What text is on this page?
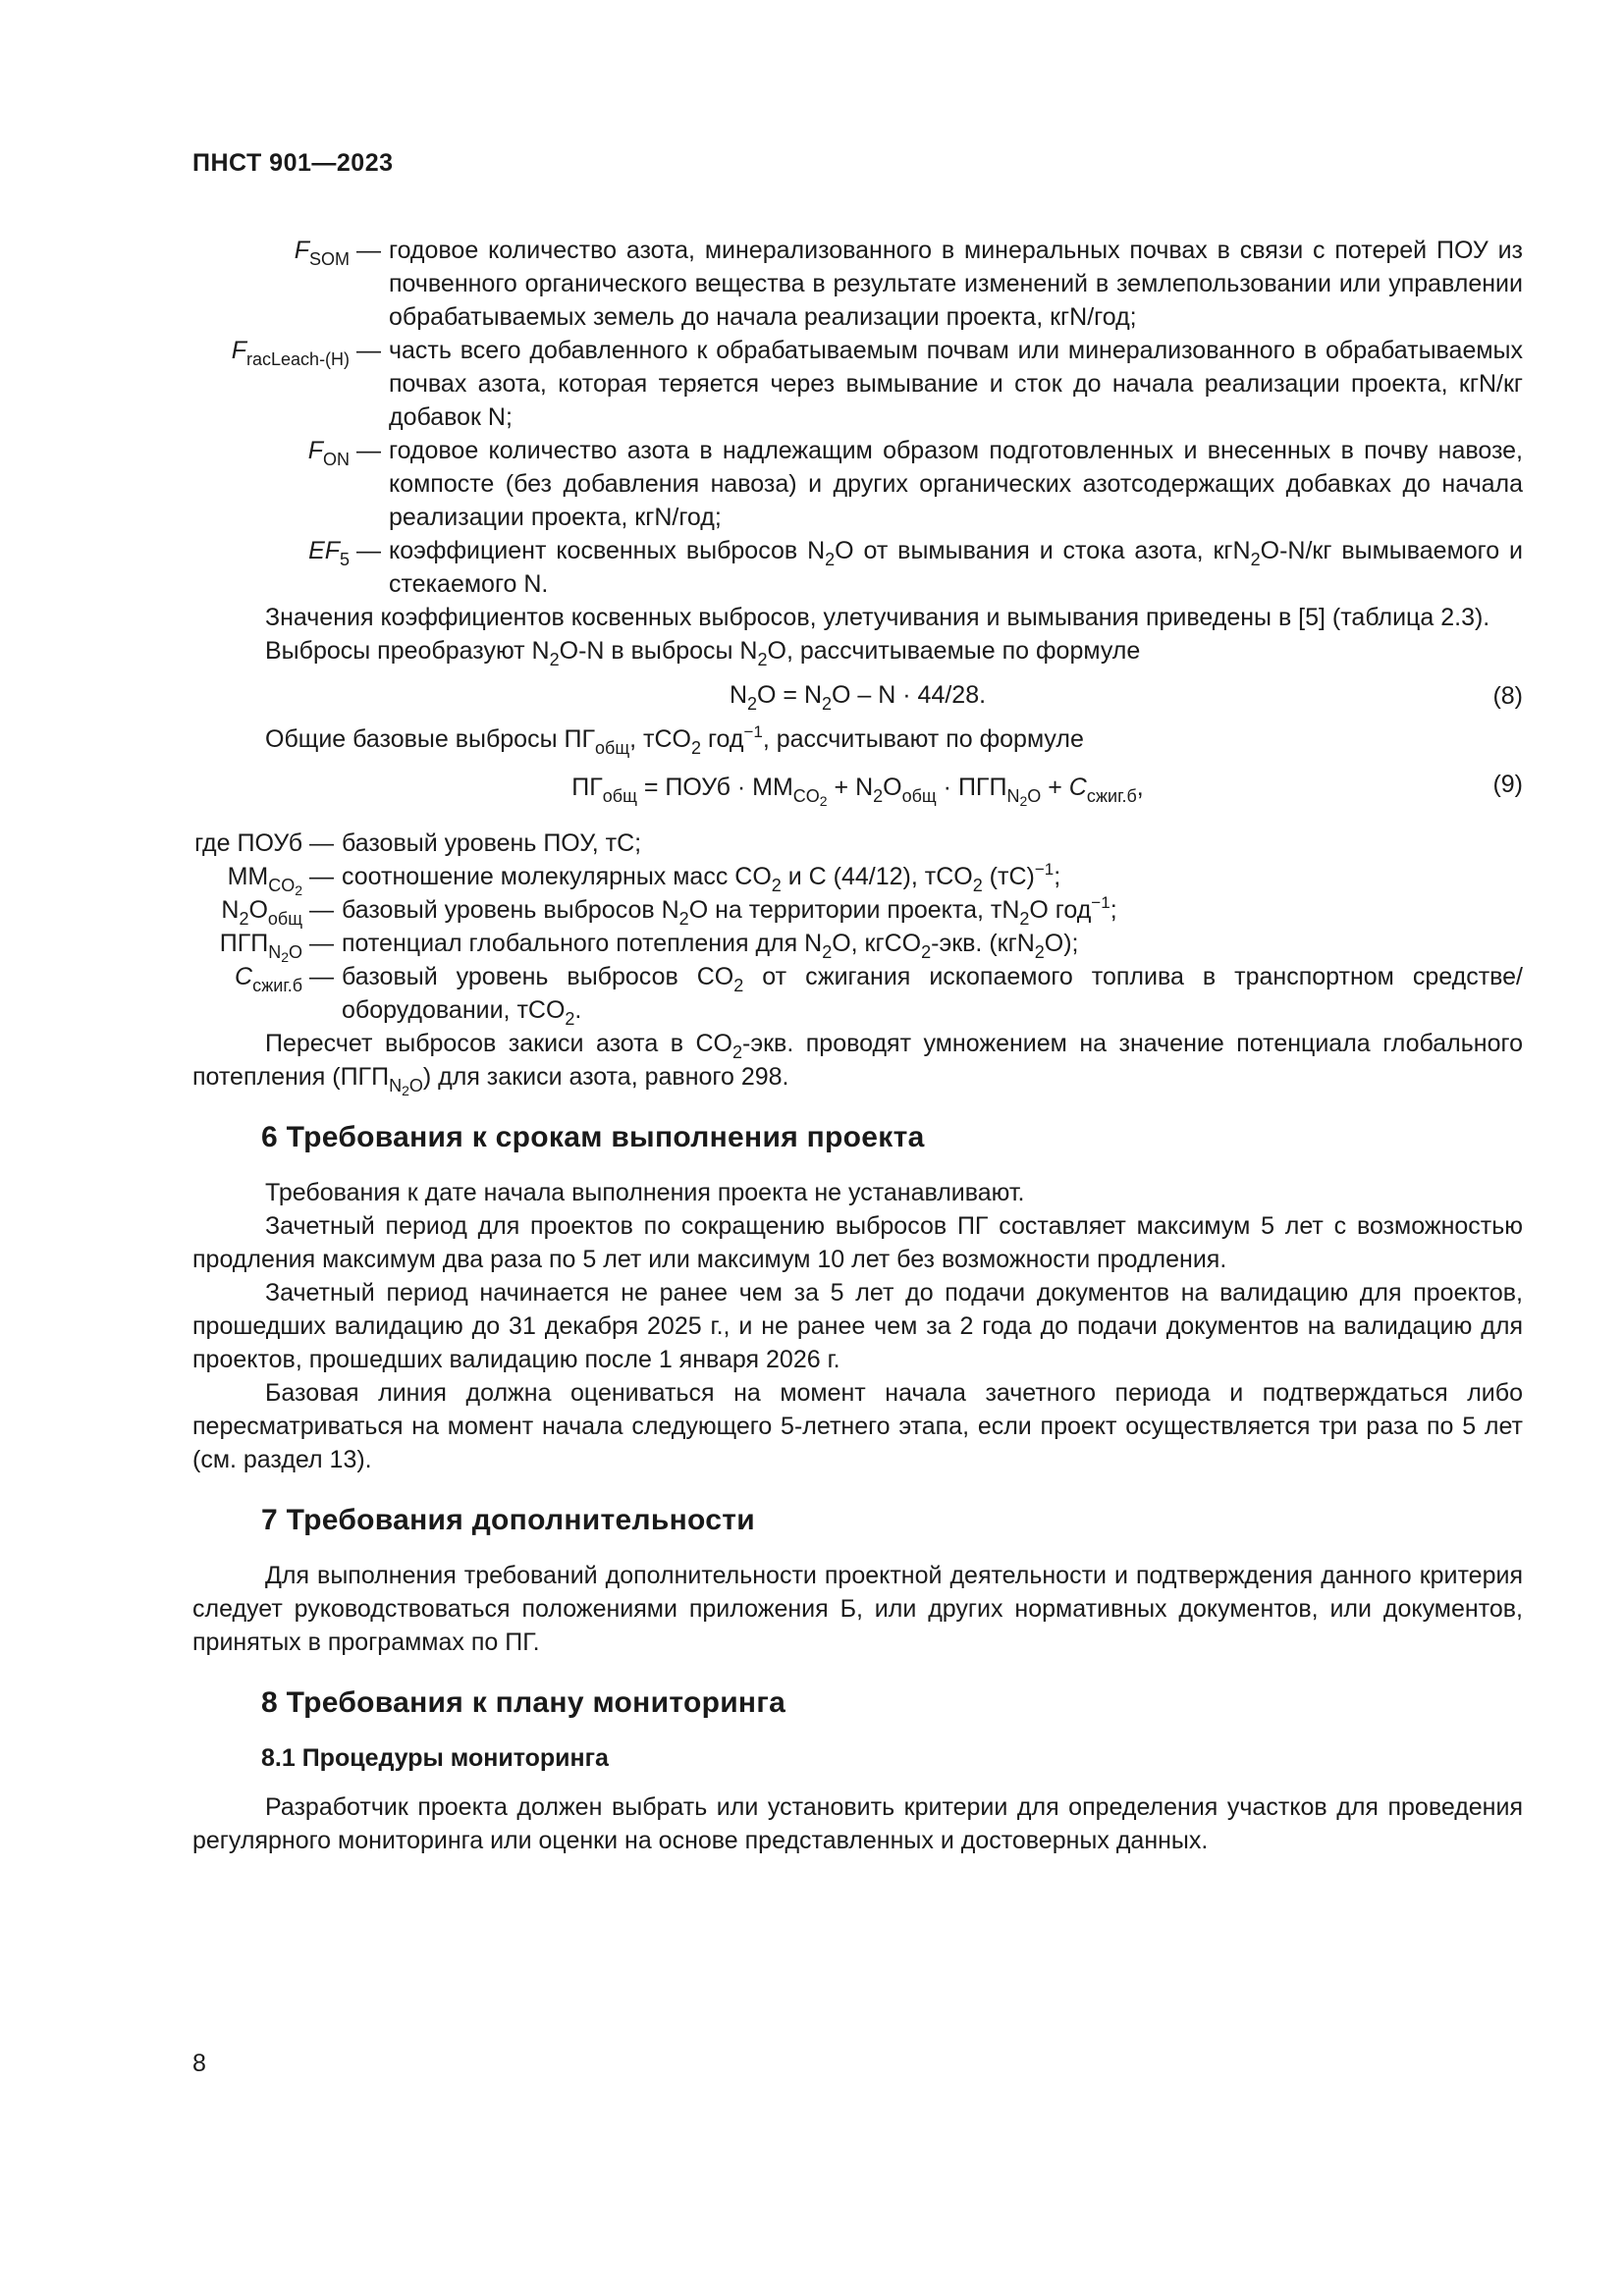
ПНСТ 901—2023
$F_{SOM}$ — годовое количество азота, минерализованного в минеральных почвах в связи с потерей ПОУ из почвенного органического вещества в результате изменений в землепользовании или управлении обрабатываемых земель до начала реализации проекта, кгN/год;
$F_{racLeach-(H)}$ — часть всего добавленного к обрабатываемым почвам или минерализованного в обрабатываемых почвах азота, которая теряется через вымывание и сток до начала реализации проекта, кгN/кг добавок N;
$F_{ON}$ — годовое количество азота в надлежащим образом подготовленных и внесенных в почву навозе, компосте (без добавления навоза) и других органических азотсодержащих добавках до начала реализации проекта, кгN/год;
$EF_5$ — коэффициент косвенных выбросов $N_2O$ от вымывания и стока азота, кгN$_2$O-N/кг вымываемого и стекаемого N.

Значения коэффициентов косвенных выбросов, улетучивания и вымывания приведены в [5] (таблица 2.3).

Выбросы преобразуют $N_2O-N$ в выбросы $N_2O$, рассчитываемые по формуле

$N_2O = N_2O - N \cdot 44/28$.	(8)

Общие базовые выбросы $ПГ_{общ}$, тCO$_2$ год$^{-1}$, рассчитывают по формуле

$ПГ_{общ}$ = ПОУб · $ММ_{CO_2} + N_2O_{общ} \cdot ПГП_{N_2O} + C_{сжиг.б}$,	(9)
где ПОУб — базовый уровень ПОУ, тС;
$ММ_{CO_2}$ — соотношение молекулярных масс $CO_2$ и C (44/12), тCO$_2$ (тС)$^{-1}$;
$N_2O_{общ}$ — базовый уровень выбросов $N_2O$ на территории проекта, $тN_2O$ год$^{-1}$;
$ПГП_{N_2O}$ — потенциал глобального потепления для $N_2O$, кгCO$_2$-экв. (кгN$_2$O);
$C_{сжиг.б}$ — базовый уровень выбросов $CO_2$ от сжигания ископаемого топлива в транспортном средстве/оборудовании, тCO$_2$.

Пересчет выбросов закиси азота в $CO_2$-экв. проводят умножением на значение потенциала глобального потепления $(ПГП_{N_2O})$ для закиси азота, равного 298.

6 Требования к срокам выполнения проекта

Требования к дате начала выполнения проекта не устанавливают.

Зачетный период для проектов по сокращению выбросов ПГ составляет максимум 5 лет с возможностью продления максимум два раза по 5 лет или максимум 10 лет без возможности продления.

Зачетный период начинается не ранее чем за 5 лет до подачи документов на валидацию для проектов, прошедших валидацию до 31 декабря 2025 г., и не ранее чем за 2 года до подачи документов на валидацию для проектов, прошедших валидацию после 1 января 2026 г.

Базовая линия должна оцениваться на момент начала зачетного периода и подтверждаться либо пересматриваться на момент начала следующего 5-летнего этапа, если проект осуществляется три раза по 5 лет (см. раздел 13).

7 Требования дополнительности

Для выполнения требований дополнительности проектной деятельности и подтверждения данного критерия следует руководствоваться положениями приложения Б, или других нормативных документов, или документов, принятых в программах по ПГ.

8 Требования к плану мониторинга
8.1 Процедуры мониторинга

Разработчик проекта должен выбрать или установить критерии для определения участков для проведения регулярного мониторинга или оценки на основе представленных и достоверных данных.

8
